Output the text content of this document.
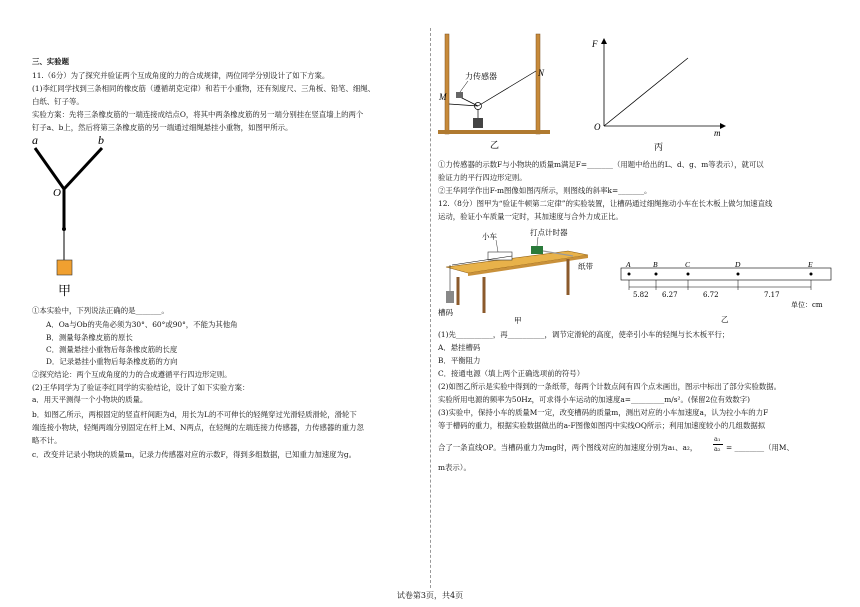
三、实验题
11.（6分）为了探究并验证两个互成角度的力的合成规律，两位同学分别设计了如下方案。
(1)李红同学找到三条相同的橡皮筋（遵循胡克定律）和若干小重物，还有刻度尺、三角板、铅笔、细绳、
白纸、钉子等。
实验方案：先将三条橡皮筋的一端连接成结点O，将其中两条橡皮筋的另一端分别挂在竖直墙上的两个
钉子a、b上，然后将第三条橡皮筋的另一端通过细绳悬挂小重物，如图甲所示。
a	b
O
甲
①本实验中，下列说法正确的是_______。
A．Oa与Ob的夹角必须为30°、60°或90°，不能为其他角
B．测量每条橡皮筋的原长
C．测量悬挂小重物后每条橡皮筋的长度
D．记录悬挂小重物后每条橡皮筋的方向
②探究结论：两个互成角度的力的合成遵循平行四边形定则。
(2)王华同学为了验证李红同学的实验结论，设计了如下实验方案：
a．用天平测得一个小物块的质量。
b．如图乙所示，两根固定的竖直杆间距为d，用长为L的不可伸长的轻绳穿过光滑轻质滑轮，滑轮下
端连接小物块，轻绳两端分别固定在杆上M、N两点，在轻绳的左端连接力传感器，力传感器的重力忽
略不计。
c．改变并记录小物块的质量m，记录力传感器对应的示数F，得到多组数据，已知重力加速度为g。
力传感器
M
N
乙
F
O
m
丙
①力传感器的示数F与小物块的质量m满足F=_______（用题中给出的L、d、g、m等表示），就可以
验证力的平行四边形定则。
②王华同学作出F-m图像如图丙所示，则图线的斜率k=_______。
12.（8分）图甲为“验证牛顿第二定律”的实验装置，让槽码通过细绳拖动小车在长木板上做匀加速直线
运动，验证小车质量一定时，其加速度与合外力成正比。
小车	打点计时器
纸带
槽码
甲
A	B	C	D	E
5.82 6.27	6.72	7.17
单位：cm
乙
(1)先__________，再__________，调节定滑轮的高度，使牵引小车的轻绳与长木板平行；
A．悬挂槽码
B．平衡阻力
C．接通电源（填上两个正确选项前的符号）
(2)如图乙所示是实验中得到的一条纸带，每两个计数点间有四个点未画出，图示中标出了部分实验数据。
实验所用电源的频率为50Hz，可求得小车运动的加速度a=_________m/s²。(保留2位有效数字)
(3)实验中，保持小车的质量M一定，改变槽码的质量m，测出对应的小车加速度a，认为拉小车的力F
等于槽码的重力，根据实验数据做出的a-F图像如图丙中实线OQ所示；利用加速度较小的几组数据拟
合了一条直线OP。当槽码重力为mg时，两个图线对应的加速度分别为a₁、a₂，
a₁
a₂ = ________（用M、
m表示）。
试卷第3页，共4页
